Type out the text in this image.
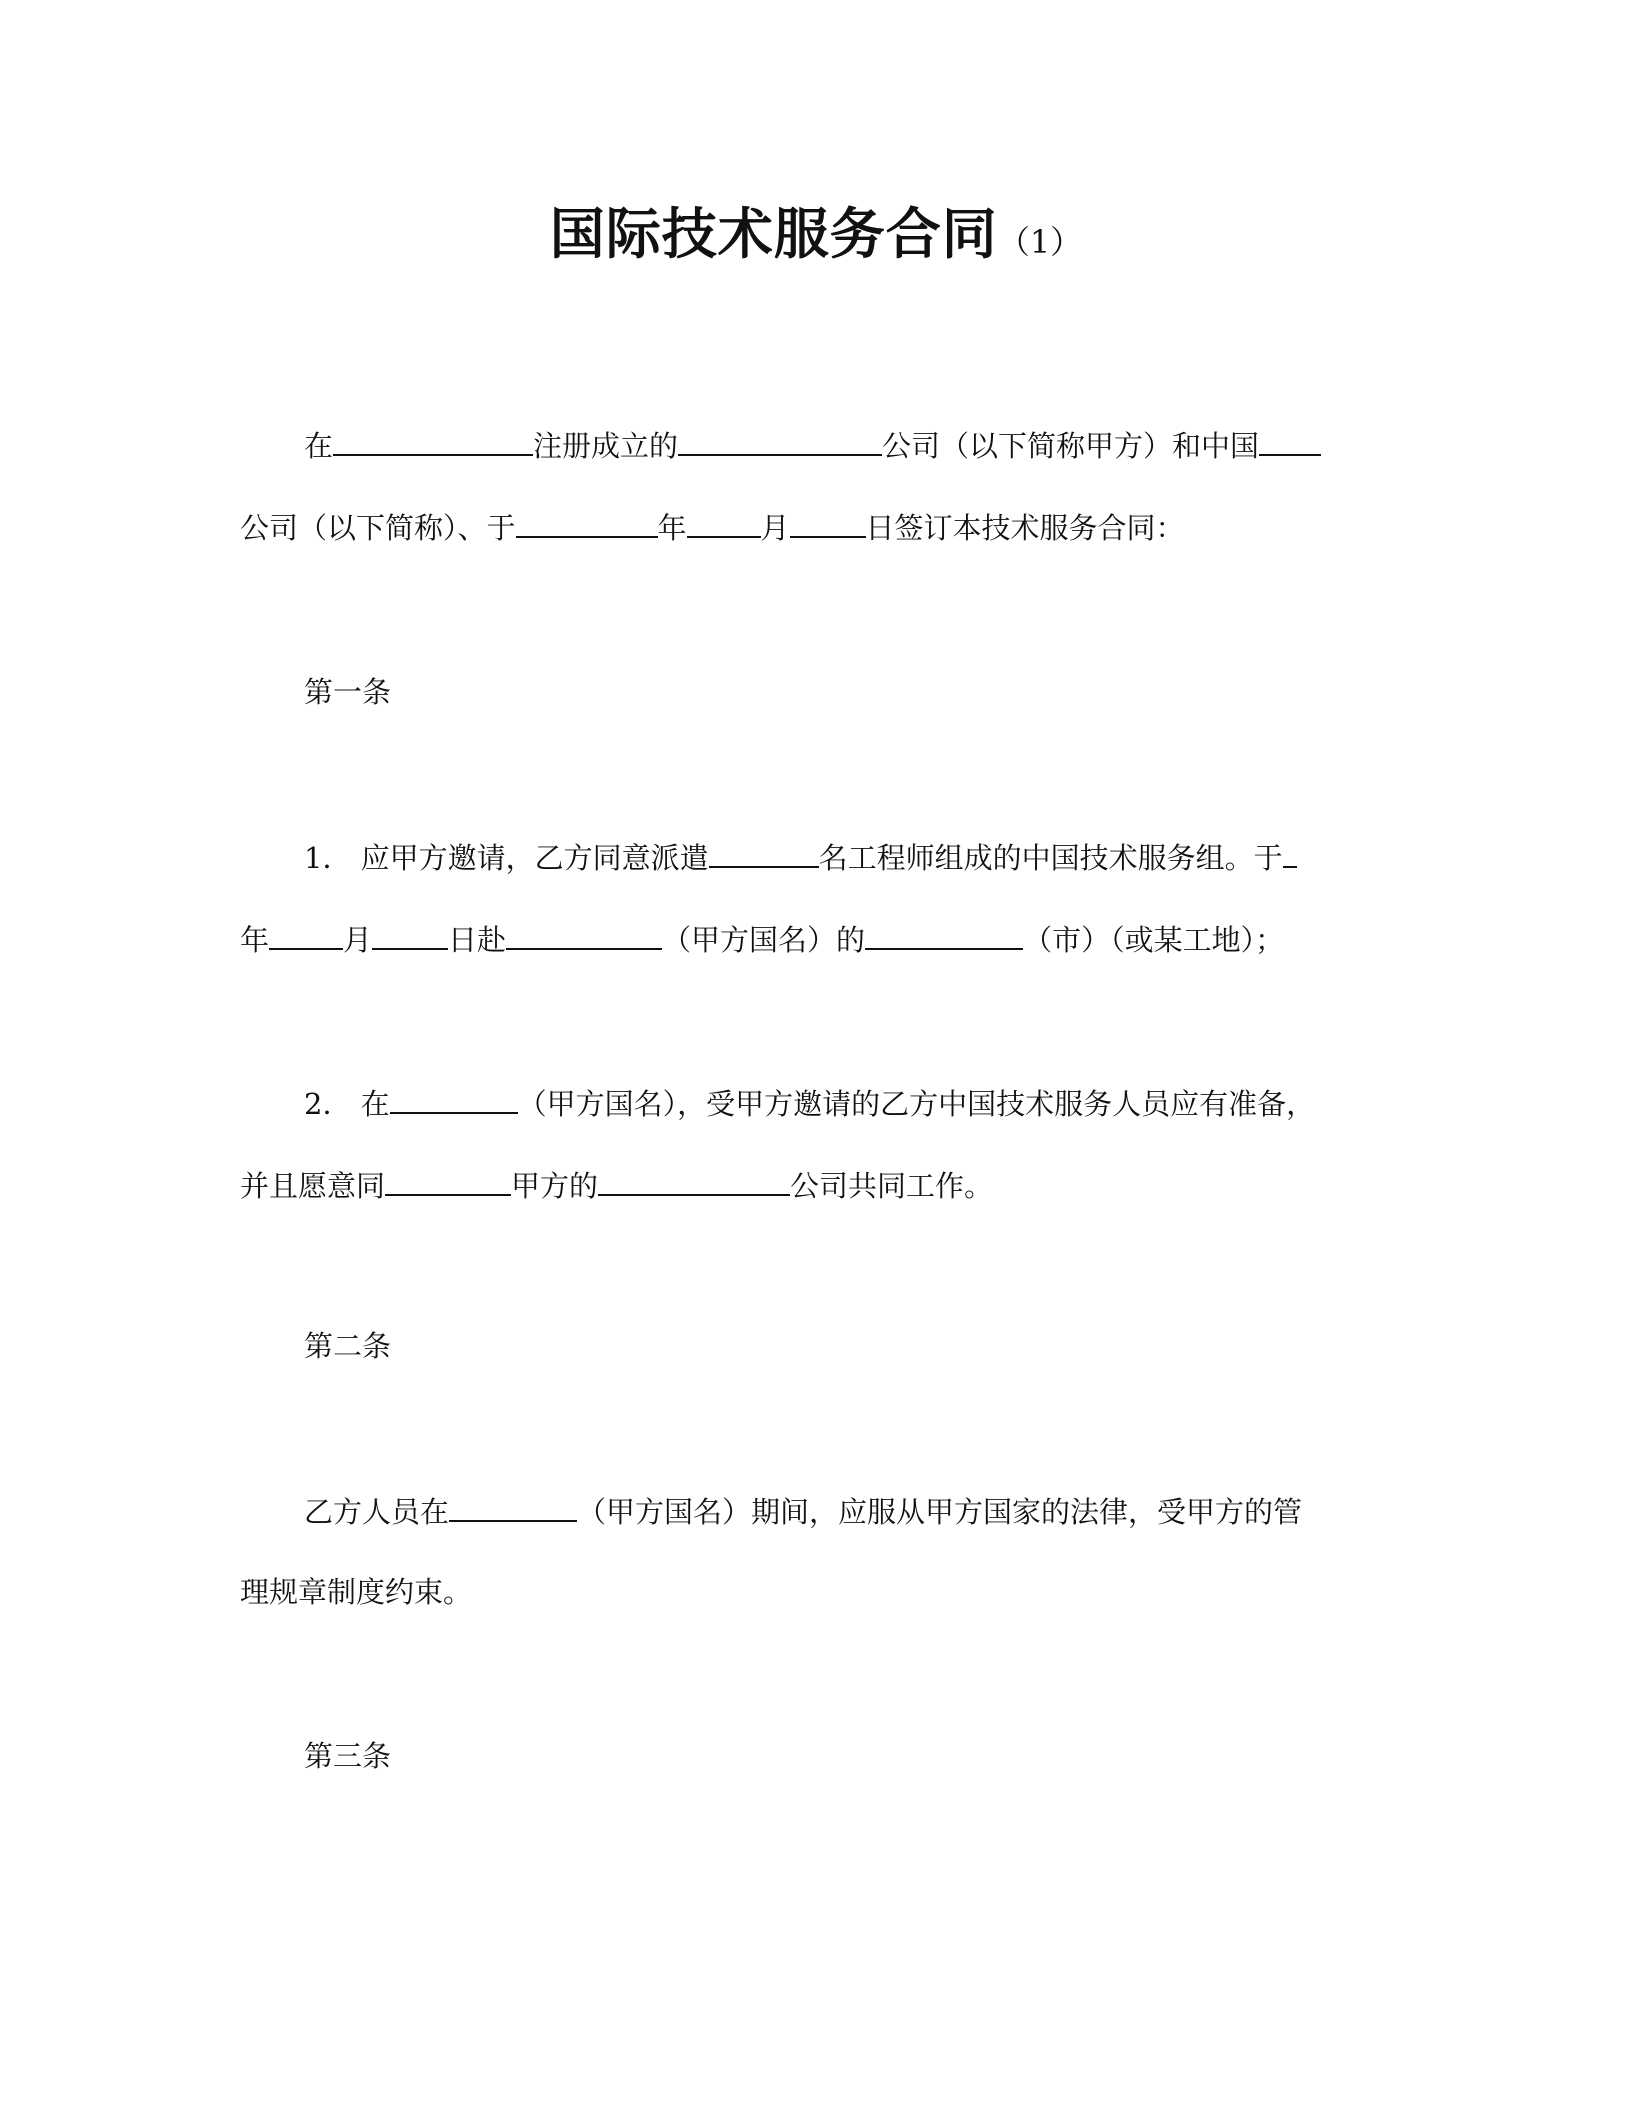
国际技术服务合同（1）
在	注册成立的	公司（以下简称甲方）和中国
公司（以下简称）、于	年	月	日签订本技术服务合同：
第一条
1． 应甲方邀请，乙方同意派遣	名工程师组成的中国技术服务组。于
年	月	日赴	（甲方国名）的	（市）（或某工地）；
2． 在	（甲方国名），受甲方邀请的乙方中国技术服务人员应有准备，
并且愿意同	甲方的	公司共同工作。
第二条
乙方人员在	（甲方国名）期间，应服从甲方国家的法律，受甲方的管
理规章制度约束。
第三条
